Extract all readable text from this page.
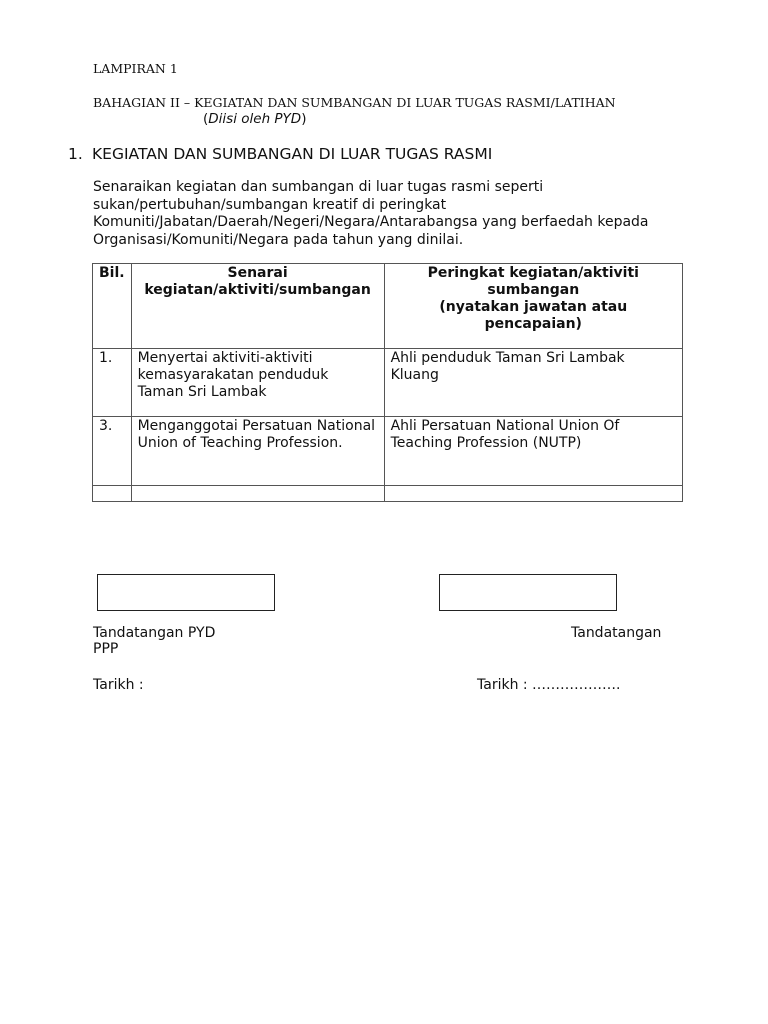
LAMPIRAN 1
BAHAGIAN II – KEGIATAN DAN SUMBANGAN DI LUAR TUGAS RASMI/LATIHAN
(Diisi oleh PYD)
1. KEGIATAN DAN SUMBANGAN DI LUAR TUGAS RASMI
Senaraikan kegiatan dan sumbangan di luar tugas rasmi seperti sukan/pertubuhan/sumbangan kreatif di peringkat Komuniti/Jabatan/Daerah/Negeri/Negara/Antarabangsa yang berfaedah kepada Organisasi/Komuniti/Negara pada tahun yang dinilai.
Bil.	Senarai kegiatan/aktiviti/sumbangan	Peringkat kegiatan/aktiviti sumbangan
(nyatakan jawatan atau pencapaian)

1.	Menyertai aktiviti-aktiviti kemasyarakatan penduduk Taman Sri Lambak	Ahli penduduk Taman Sri Lambak Kluang
3.	Menganggotai Persatuan National Union of Teaching Profession.	Ahli Persatuan National Union Of Teaching Profession (NUTP)

Tandatangan PYD	Tandatangan
PPP
Tarikh :	Tarikh : ……………….
